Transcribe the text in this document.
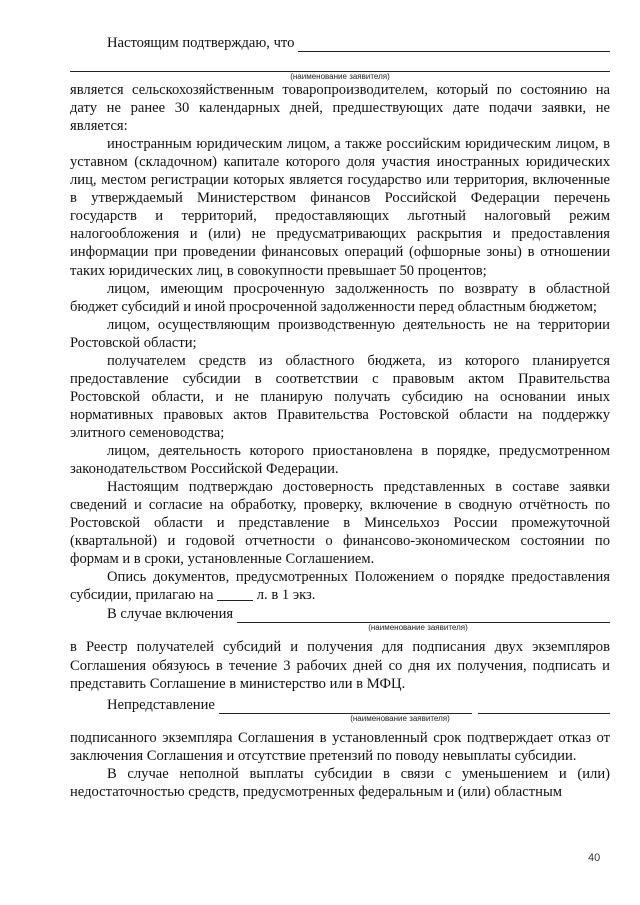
Настоящим подтверждаю, что
(наименование заявителя)

является сельскохозяйственным товаропроизводителем, который по состоянию на дату не ранее 30 календарных дней, предшествующих дате подачи заявки, не является:

иностранным юридическим лицом, а также российским юридическим лицом, в уставном (складочном) капитале которого доля участия иностранных юридических лиц, местом регистрации которых является государство или территория, включенные в утверждаемый Министерством финансов Российской Федерации перечень государств и территорий, предоставляющих льготный налоговый режим налогообложения и (или) не предусматривающих раскрытия и предоставления информации при проведении финансовых операций (офшорные зоны) в отношении таких юридических лиц, в совокупности превышает 50 процентов;

лицом, имеющим просроченную задолженность по возврату в областной бюджет субсидий и иной просроченной задолженности перед областным бюджетом;

лицом, осуществляющим производственную деятельность не на территории Ростовской области;

получателем средств из областного бюджета, из которого планируется предоставление субсидии в соответствии с правовым актом Правительства Ростовской области, и не планирую получать субсидию на основании иных нормативных правовых актов Правительства Ростовской области на поддержку элитного семеноводства;

лицом, деятельность которого приостановлена в порядке, предусмотренном законодательством Российской Федерации.

Настоящим подтверждаю достоверность представленных в составе заявки сведений и согласие на обработку, проверку, включение в сводную отчётность по Ростовской области и представление в Минсельхоз России промежуточной (квартальной) и годовой отчетности о финансово-экономическом состоянии по формам и в сроки, установленные Соглашением.

Опись документов, предусмотренных Положением о порядке предоставления субсидии, прилагаю на	л. в 1 экз.

В случае включения
(наименование заявителя)

в Реестр получателей субсидий и получения для подписания двух экземпляров Соглашения обязуюсь в течение 3 рабочих дней со дня их получения, подписать и представить Соглашение в министерство или в МФЦ.

Непредставление
(наименование заявителя)

подписанного экземпляра Соглашения в установленный срок подтверждает отказ от заключения Соглашения и отсутствие претензий по поводу невыплаты субсидии.

В случае неполной выплаты субсидии в связи с уменьшением и (или) недостаточностью средств, предусмотренных федеральным и (или) областным

40
